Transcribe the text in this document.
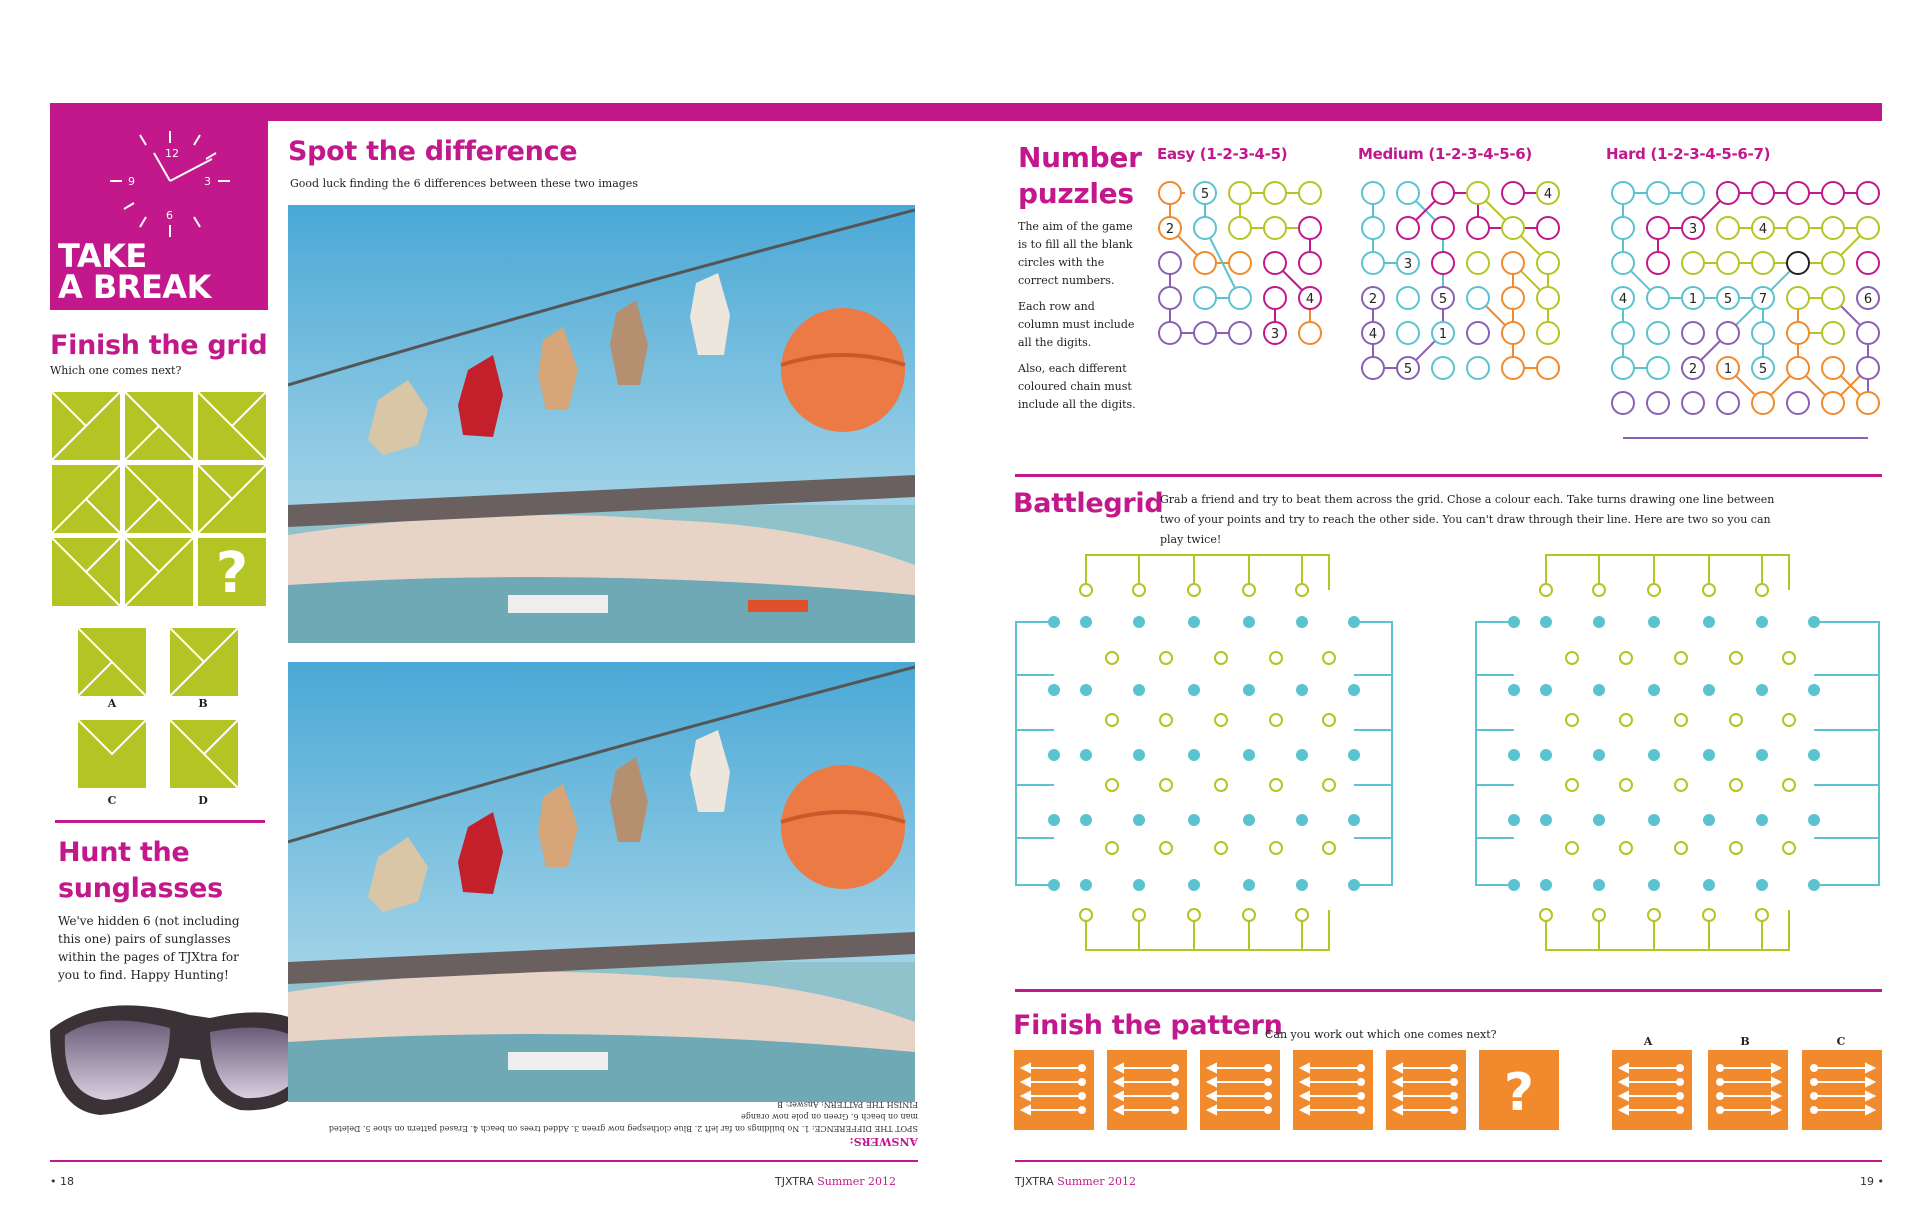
12
3
6
9
TAKE
A BREAK
Finish the grid
Which one comes next?
?
A	B
C	D
Hunt the
sunglasses
We've hidden 6 (not including this one) pairs of sunglasses within the pages of TJXtra for you to find. Happy Hunting!
Spot the difference
Good luck finding the 6 differences between these two images
ANSWERS:
SPOT THE DIFFERENCE: 1. No buildings on far left 2. Blue clothespeg now green 3. Added trees on beach 4. Erased pattern on shoe 5. Deleted man on beach 6. Green on pole now orange
FINISH THE PATTERN: Answer: B
• 18	TJXTRA Summer 2012
Number
puzzles
The aim of the game is to fill all the blank circles with the correct numbers.
Each row and column must include all the digits.
Also, each different coloured chain must include all the digits.
Easy (1-2-3-4-5)	Medium (1-2-3-4-5-6)	Hard (1-2-3-4-5-6-7)
5
2
4
3
4
3
2	5
4	1
5
3	4
4	1 5 7	6
2 1 5
Battlegrid
Grab a friend and try to beat them across the grid. Chose a colour each. Take turns drawing one line between two of your points and try to reach the other side. You can't draw through their line. Here are two so you can play twice!
Finish the pattern
Can you work out which one comes next?
?
A	B	C
TJXTRA Summer 2012	19 •
